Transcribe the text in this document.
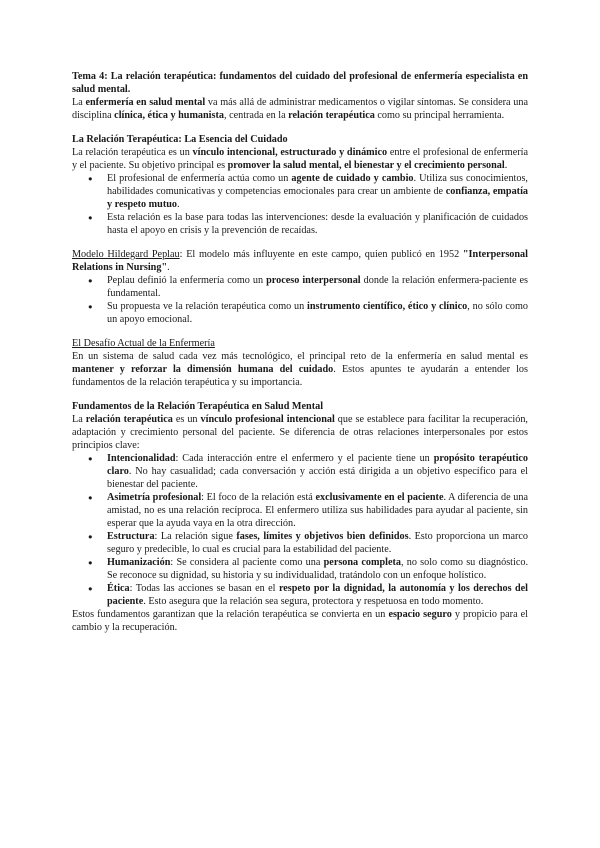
Tema 4: La relación terapéutica: fundamentos del cuidado del profesional de enfermería especialista en salud mental.

La enfermería en salud mental va más allá de administrar medicamentos o vigilar síntomas. Se considera una disciplina clínica, ética y humanista, centrada en la relación terapéutica como su principal herramienta.

La Relación Terapéutica: La Esencia del Cuidado

La relación terapéutica es un vínculo intencional, estructurado y dinámico entre el profesional de enfermería y el paciente. Su objetivo principal es promover la salud mental, el bienestar y el crecimiento personal.

● El profesional de enfermería actúa como un agente de cuidado y cambio. Utiliza sus conocimientos, habilidades comunicativas y competencias emocionales para crear un ambiente de confianza, empatía y respeto mutuo.
● Esta relación es la base para todas las intervenciones: desde la evaluación y planificación de cuidados hasta el apoyo en crisis y la prevención de recaídas.

Modelo Hildegard Peplau: El modelo más influyente en este campo, quien publicó en 1952 "Interpersonal Relations in Nursing".

● Peplau definió la enfermería como un proceso interpersonal donde la relación enfermera-paciente es fundamental.
● Su propuesta ve la relación terapéutica como un instrumento científico, ético y clínico, no sólo como un apoyo emocional.

El Desafío Actual de la Enfermería

En un sistema de salud cada vez más tecnológico, el principal reto de la enfermería en salud mental es mantener y reforzar la dimensión humana del cuidado. Estos apuntes te ayudarán a entender los fundamentos de la relación terapéutica y su importancia.

Fundamentos de la Relación Terapéutica en Salud Mental

La relación terapéutica es un vínculo profesional intencional que se establece para facilitar la recuperación, adaptación y crecimiento personal del paciente. Se diferencia de otras relaciones interpersonales por estos principios clave:

● Intencionalidad: Cada interacción entre el enfermero y el paciente tiene un propósito terapéutico claro. No hay casualidad; cada conversación y acción está dirigida a un objetivo específico para el bienestar del paciente.
● Asimetría profesional: El foco de la relación está exclusivamente en el paciente. A diferencia de una amistad, no es una relación recíproca. El enfermero utiliza sus habilidades para ayudar al paciente, sin esperar que la ayuda vaya en la otra dirección.
● Estructura: La relación sigue fases, límites y objetivos bien definidos. Esto proporciona un marco seguro y predecible, lo cual es crucial para la estabilidad del paciente.
● Humanización: Se considera al paciente como una persona completa, no solo como su diagnóstico. Se reconoce su dignidad, su historia y su individualidad, tratándolo con un enfoque holístico.
● Ética: Todas las acciones se basan en el respeto por la dignidad, la autonomía y los derechos del paciente. Esto asegura que la relación sea segura, protectora y respetuosa en todo momento.

Estos fundamentos garantizan que la relación terapéutica se convierta en un espacio seguro y propicio para el cambio y la recuperación.
